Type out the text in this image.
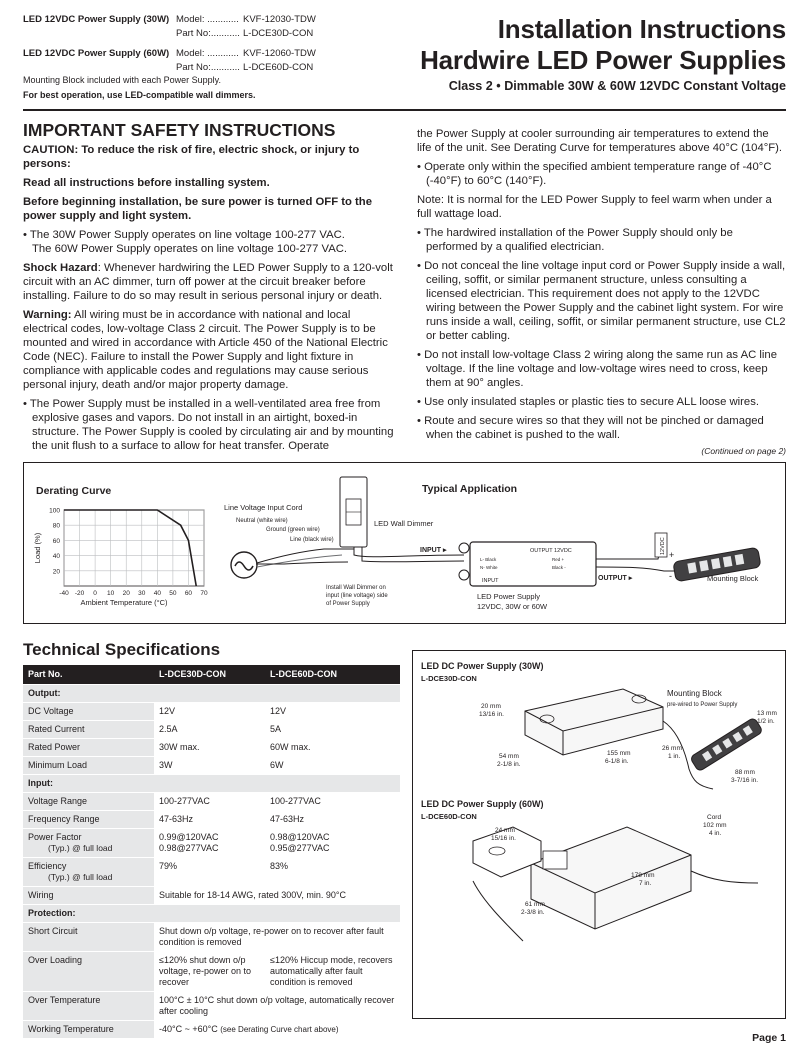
LED 12VDC Power Supply (30W) Model: ............ KVF-12030-TDW
Part No:........... L-DCE30D-CON
LED 12VDC Power Supply (60W) Model: ............ KVF-12060-TDW
Part No:........... L-DCE60D-CON
Mounting Block included with each Power Supply.
For best operation, use LED-compatible wall dimmers.
Installation Instructions
Hardwire LED Power Supplies
Class 2 • Dimmable 30W & 60W 12VDC Constant Voltage
IMPORTANT SAFETY INSTRUCTIONS

CAUTION: To reduce the risk of fire, electric shock, or injury to persons:

Read all instructions before installing system.

Before beginning installation, be sure power is turned OFF to the power supply and light system.

• The 30W Power Supply operates on line voltage 100-277 VAC.
The 60W Power Supply operates on line voltage 100-277 VAC.

Shock Hazard: Whenever hardwiring the LED Power Supply to a 120-volt circuit with an AC dimmer, turn off power at the circuit breaker before installing. Failure to do so may result in serious personal injury or death.

Warning: All wiring must be in accordance with national and local electrical codes, low-voltage Class 2 circuit. The Power Supply is to be mounted and wired in accordance with Article 450 of the National Electric Code (NEC). Failure to install the Power Supply and light fixture in compliance with applicable codes and regulations may cause serious personal injury, death and/or major property damage.

• The Power Supply must be installed in a well-ventilated area free from explosive gases and vapors. Do not install in an airtight, boxed-in structure. The Power Supply is cooled by circulating air and by mounting the unit flush to a surface to allow for heat transfer. Operate

the Power Supply at cooler surrounding air temperatures to extend the life of the unit. See Derating Curve for temperatures above 40°C (104°F).

• Operate only within the specified ambient temperature range of -40°C (-40°F) to 60°C (140°F).

Note: It is normal for the LED Power Supply to feel warm when under a full wattage load.

• The hardwired installation of the Power Supply should only be performed by a qualified electrician.

• Do not conceal the line voltage input cord or Power Supply inside a wall, ceiling, soffit, or similar permanent structure, unless consulting a licensed electrician. This requirement does not apply to the 12VDC wiring between the Power Supply and the cabinet light system. For wire runs inside a wall, ceiling, soffit, or similar permanent structure, use CL2 or better cabling.

• Do not install low-voltage Class 2 wiring along the same run as AC line voltage. If the line voltage and low-voltage wires need to cross, keep them at 90° angles.

• Use only insulated staples or plastic ties to secure ALL loose wires.

• Route and secure wires so that they will not be pinched or damaged when the cabinet is pushed to the wall.

(Continued on page 2)
Derating Curve
100
80
60
40
20
-40 -20 0 10 20 30 40 50 60 70
Load (%)
Ambient Temperature (°C)
Typical Application
Line Voltage Input Cord
Neutral (white wire)
Ground (green wire)
Line (black wire)
LED Wall Dimmer
Install Wall Dimmer on
input (line voltage) side
of Power Supply
INPUT ▸	OUTPUT 12VDC
INPUT
L- Black
N- White
Red +
Black -
LED Power Supply
12VDC, 30W or 60W
OUTPUT ▸
12VDC +
-	Mounting Block
Technical Specifications
Part No.	L-DCE30D-CON	L-DCE60D-CON
Output:		
DC Voltage	12V	12V
Rated Current	2.5A	5A
Rated Power	30W max.	60W max.
Minimum Load	3W	6W
Input:		
Voltage Range	100-277VAC	100-277VAC
Frequency Range	47-63Hz	47-63Hz
Power Factor
(Typ.) @ full load	0.99@120VAC
0.98@277VAC	0.98@120VAC
0.95@277VAC
Efficiency
(Typ.) @ full load	79%	83%
Wiring	Suitable for 18-14 AWG, rated 300V, min. 90°C	
Protection:		
Short Circuit	Shut down o/p voltage, re-power on to recover after fault condition is removed	
Over Loading	≤120% shut down o/p voltage, re-power on to recover	≤120% Hiccup mode, recovers automatically after fault condition is removed
Over Temperature	100°C ± 10°C shut down o/p voltage, automatically recover after cooling	
Working Temperature	-40°C ~ +60°C (see Derating Curve chart above)	
LED DC Power Supply (30W)
L-DCE30D-CON
20 mm
13/16 in.
54 mm
2-1/8 in.
155 mm
6-1/8 in.
Mounting Block
pre-wired to Power Supply
13 mm
1/2 in.
26 mm
1 in.
88 mm
3-7/16 in.
LED DC Power Supply (60W)
L-DCE60D-CON	Cord
102 mm
4 in.
24 mm
15/16 in.
178 mm
7 in.
61 mm
2-3/8 in.
Page 1
